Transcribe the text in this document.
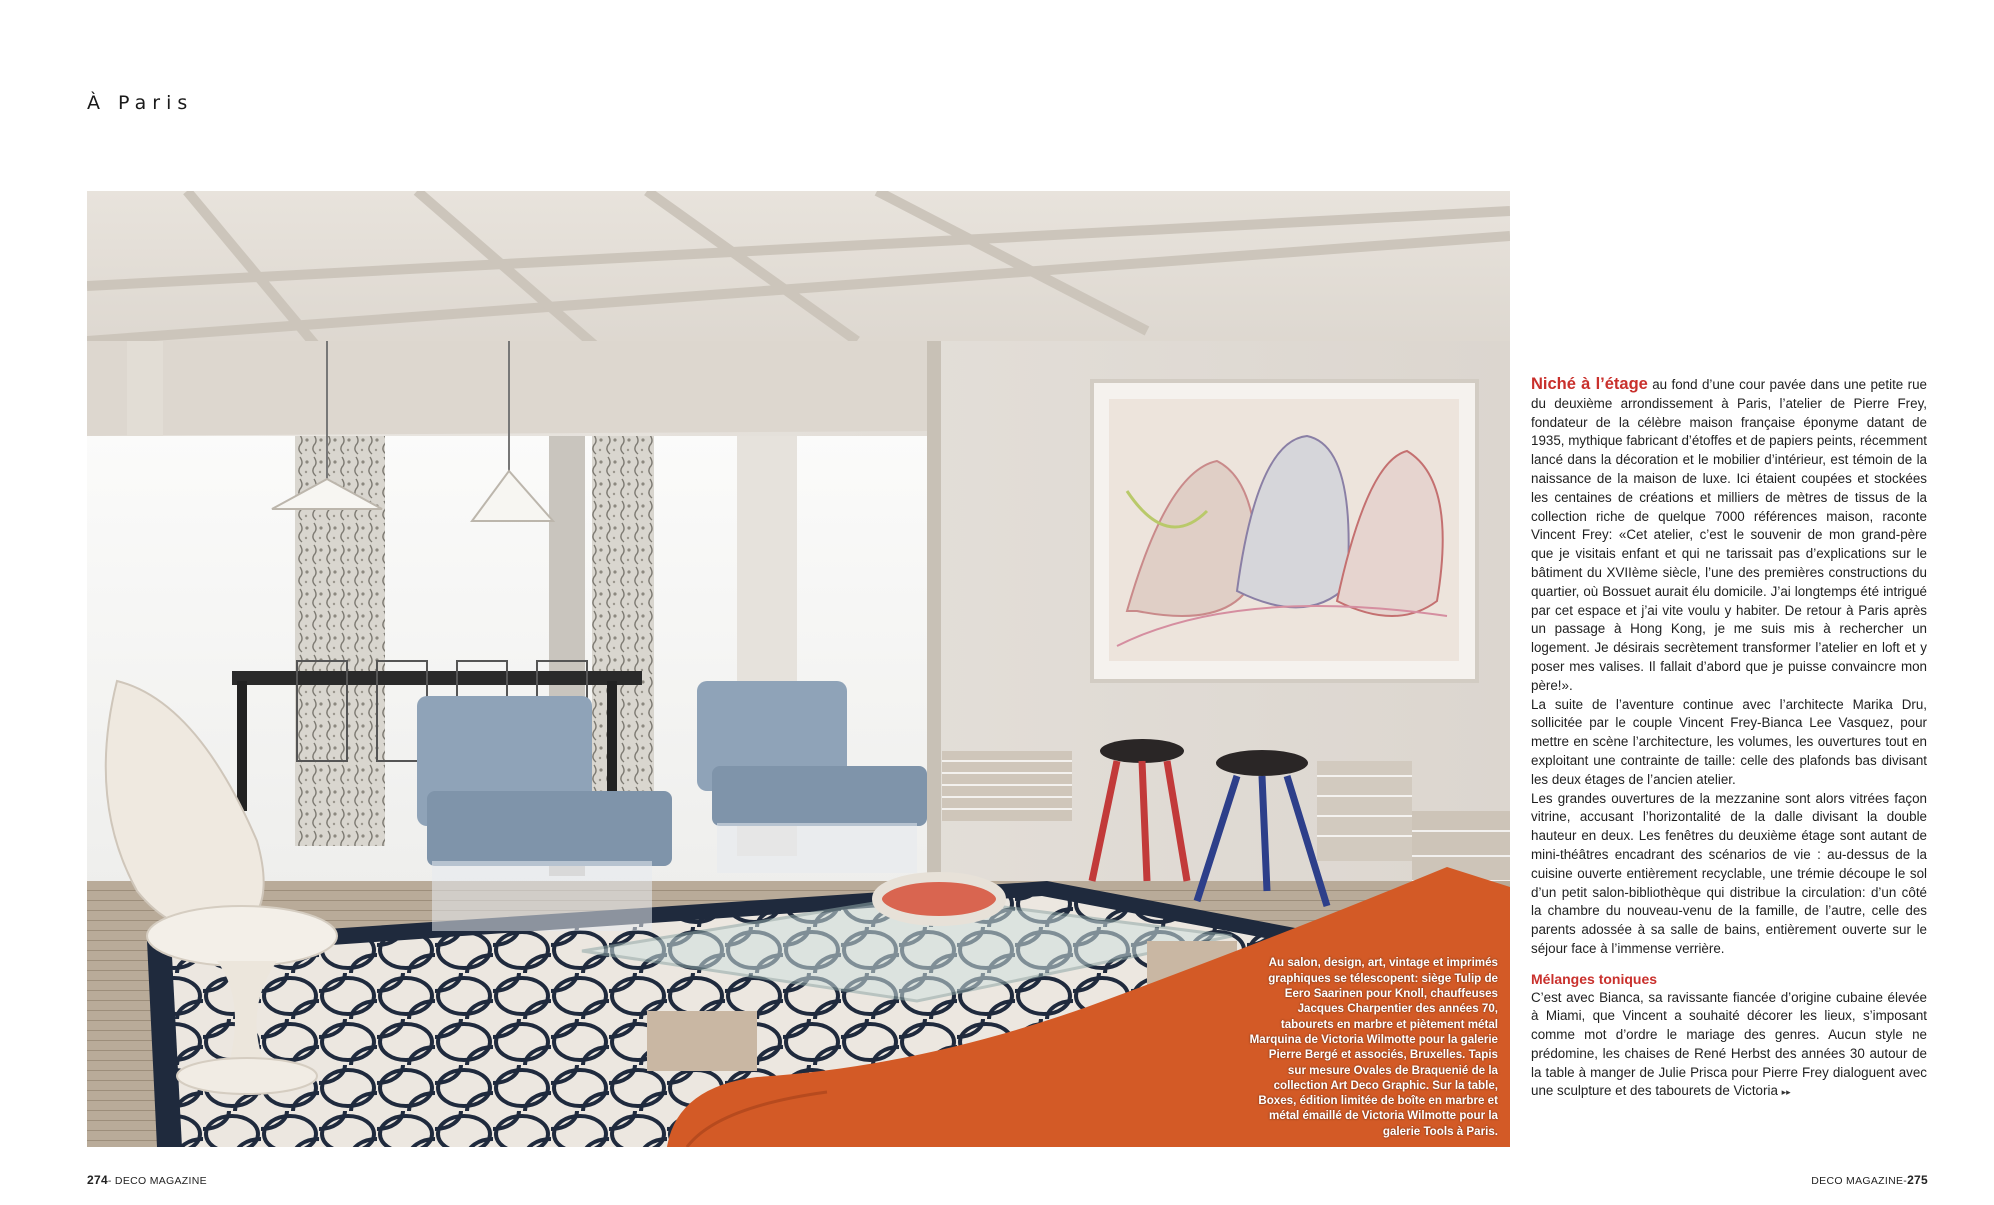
À Paris
Au salon, design, art, vintage et imprimés graphiques se télescopent: siège Tulip de Eero Saarinen pour Knoll, chauffeuses Jacques Charpentier des années 70, tabourets en marbre et piètement métal Marquina de Victoria Wilmotte pour la galerie Pierre Bergé et associés, Bruxelles. Tapis sur mesure Ovales de Braquenié de la collection Art Deco Graphic. Sur la table, Boxes, édition limitée de boîte en marbre et métal émaillé de Victoria Wilmotte pour la galerie Tools à Paris.

Niché à l’étage au fond d’une cour pavée dans une petite rue du deuxième arrondissement à Paris, l’atelier de Pierre Frey, fondateur de la célèbre maison française éponyme datant de 1935, mythique fabricant d’étoffes et de papiers peints, récemment lancé dans la décoration et le mobilier d’intérieur, est témoin de la naissance de la maison de luxe. Ici étaient coupées et stockées les centaines de créations et milliers de mètres de tissus de la collection riche de quelque 7000 références maison, raconte Vincent Frey: «Cet atelier, c’est le souvenir de mon grand-père que je visitais enfant et qui ne tarissait pas d’explications sur le bâtiment du XVIIème siècle, l’une des premières constructions du quartier, où Bossuet aurait élu domicile. J’ai longtemps été intrigué par cet espace et j’ai vite voulu y habiter. De retour à Paris après un passage à Hong Kong, je me suis mis à rechercher un logement. Je désirais secrètement transformer l’atelier en loft et y poser mes valises. Il fallait d’abord que je puisse convaincre mon père!».

La suite de l’aventure continue avec l’architecte Marika Dru, sollicitée par le couple Vincent Frey-Bianca Lee Vasquez, pour mettre en scène l’architecture, les volumes, les ouvertures tout en exploitant une contrainte de taille: celle des plafonds bas divisant les deux étages de l’ancien atelier.

Les grandes ouvertures de la mezzanine sont alors vitrées façon vitrine, accusant l’horizontalité de la dalle divisant la double hauteur en deux. Les fenêtres du deuxième étage sont autant de mini-théâtres encadrant des scénarios de vie : au-dessus de la cuisine ouverte entièrement recyclable, une trémie découpe le sol d’un petit salon-bibliothèque qui distribue la circulation: d’un côté la chambre du nouveau-venu de la famille, de l’autre, celle des parents adossée à sa salle de bains, entièrement ouverte sur le séjour face à l’immense verrière.

Mélanges toniques

C’est avec Bianca, sa ravissante fiancée d’origine cubaine élevée à Miami, que Vincent a souhaité décorer les lieux, s’imposant comme mot d’ordre le mariage des genres. Aucun style ne prédomine, les chaises de René Herbst des années 30 autour de la table à manger de Julie Prisca pour Pierre Frey dialoguent avec une sculpture et des tabourets de Victoria ▸▸

274- DECO MAGAZINE	DECO MAGAZINE-275
